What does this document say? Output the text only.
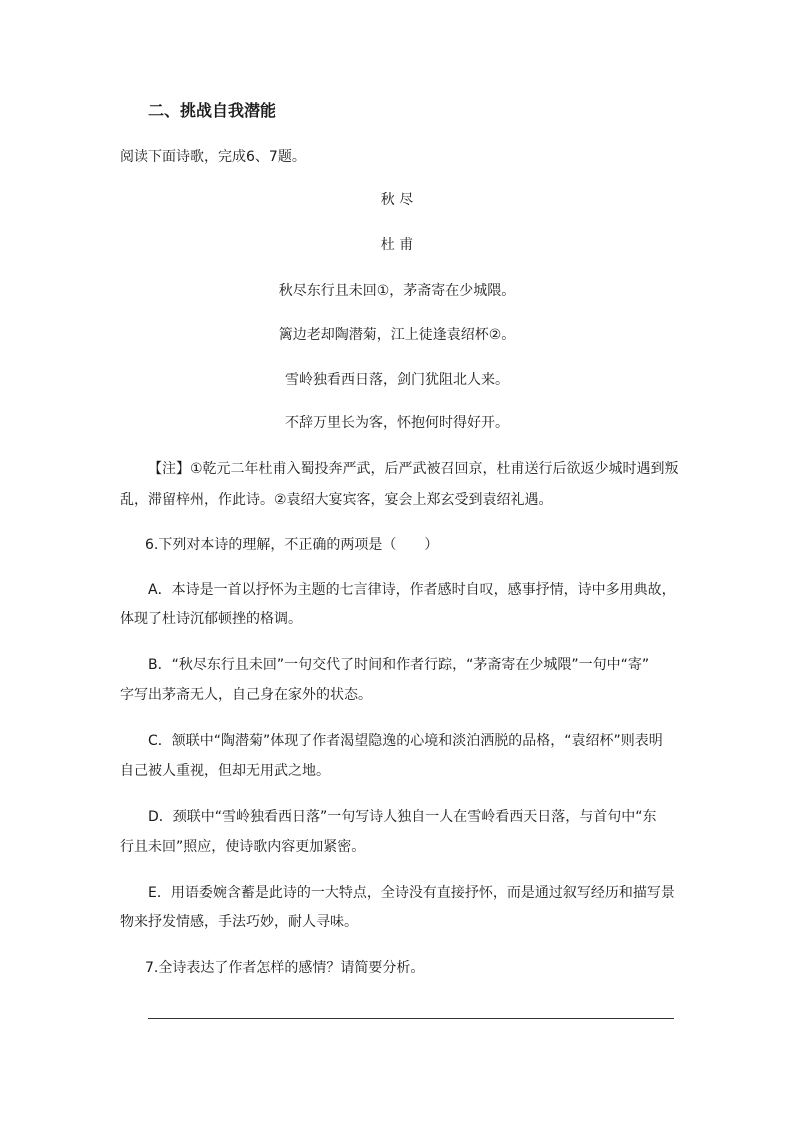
二、挑战自我潜能
阅读下面诗歌，完成6、7题。
秋 尽
杜 甫
秋尽东行且未回①，茅斋寄在少城隈。
篱边老却陶潜菊，江上徒逢袁绍杯②。
雪岭独看西日落，剑门犹阻北人来。
不辞万里长为客，怀抱何时得好开。
【注】①乾元二年杜甫入蜀投奔严武，后严武被召回京，杜甫送行后欲返少城时遇到叛
乱，滞留梓州，作此诗。②袁绍大宴宾客，宴会上郑玄受到袁绍礼遇。
6.下列对本诗的理解，不正确的两项是（　　）
A．本诗是一首以抒怀为主题的七言律诗，作者感时自叹，感事抒情，诗中多用典故，
体现了杜诗沉郁顿挫的格调。
B．“秋尽东行且未回”一句交代了时间和作者行踪，“茅斋寄在少城隈”一句中“寄”
字写出茅斋无人，自己身在家外的状态。
C．颔联中“陶潜菊”体现了作者渴望隐逸的心境和淡泊洒脱的品格，“袁绍杯”则表明
自己被人重视，但却无用武之地。
D．颈联中“雪岭独看西日落”一句写诗人独自一人在雪岭看西天日落，与首句中“东
行且未回”照应，使诗歌内容更加紧密。
E．用语委婉含蓄是此诗的一大特点，全诗没有直接抒怀，而是通过叙写经历和描写景
物来抒发情感，手法巧妙，耐人寻味。
7.全诗表达了作者怎样的感情？请简要分析。
